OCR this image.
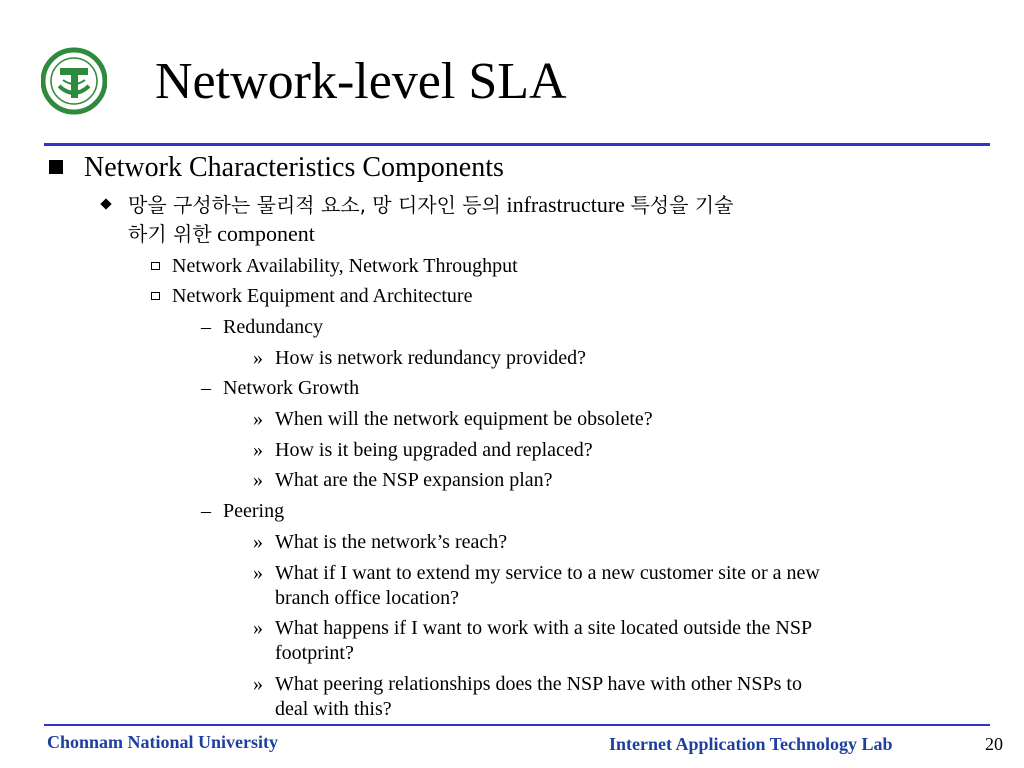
Network-level SLA
Network Characteristics Components
망을 구성하는 물리적 요소, 망 디자인 등의 infrastructure 특성을 기술
하기 위한 component
Network Availability, Network Throughput
Network Equipment and Architecture
– Redundancy
» How is network redundancy provided?
– Network Growth
» When will the network equipment be obsolete?
» How is it being upgraded and replaced?
» What are the NSP expansion plan?
– Peering
» What is the network’s reach?
» What if I want to extend my service to a new customer site or a new
branch office location?
» What happens if I want to work with a site located outside the NSP
footprint?
» What peering relationships does the NSP have with other NSPs to
deal with this?
Chonnam National University	Internet Application Technology Lab	20
